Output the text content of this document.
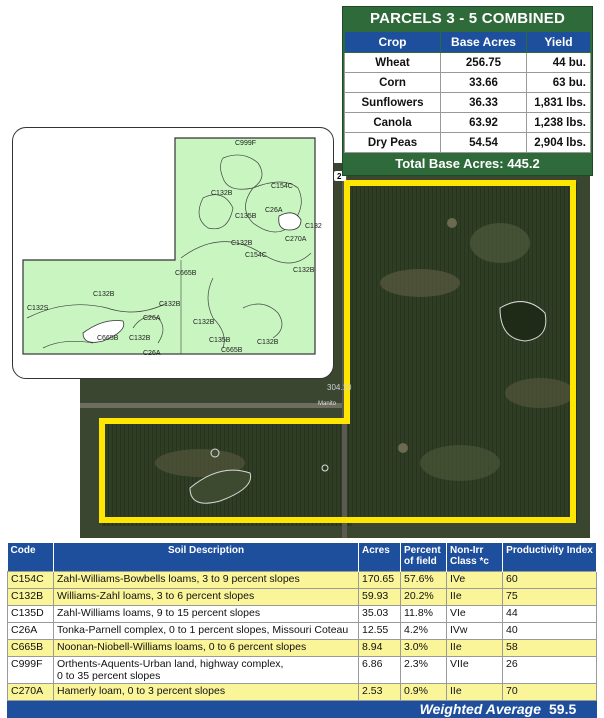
304.10
Manito
2
C999F
C132B
C154C
C26A
C135B
C132B
C270A
C132
C154C
C665B	C132B
C132S
C132B
C132B
C26A
C665B C132B
C26A
C132B
C135B
C665B
C132B
PARCELS 3 - 5 COMBINED
Crop	Base Acres	Yield
Wheat	256.75	44 bu.
Corn	33.66	63 bu.
Sunflowers	36.33	1,831 lbs.
Canola	63.92	1,238 lbs.
Dry Peas	54.54	2,904 lbs.
Total Base Acres: 445.2
Code	Soil Description	Acres	Percent of field	Non-Irr Class *c	Productivity Index
C154C	Zahl-Williams-Bowbells loams, 3 to 9 percent slopes	170.65	57.6%	IVe	60
C132B	Williams-Zahl loams, 3 to 6 percent slopes	59.93	20.2%	IIe	75
C135D	Zahl-Williams loams, 9 to 15 percent slopes	35.03	11.8%	VIe	44
C26A	Tonka-Parnell complex, 0 to 1 percent slopes, Missouri Coteau	12.55	4.2%	IVw	40
C665B	Noonan-Niobell-Williams loams, 0 to 6 percent slopes	8.94	3.0%	IIe	58
C999F	Orthents-Aquents-Urban land, highway complex,
0 to 35 percent slopes	6.86	2.3%	VIIe	26
C270A	Hamerly loam, 0 to 3 percent slopes	2.53	0.9%	IIe	70
Weighted Average 59.5
